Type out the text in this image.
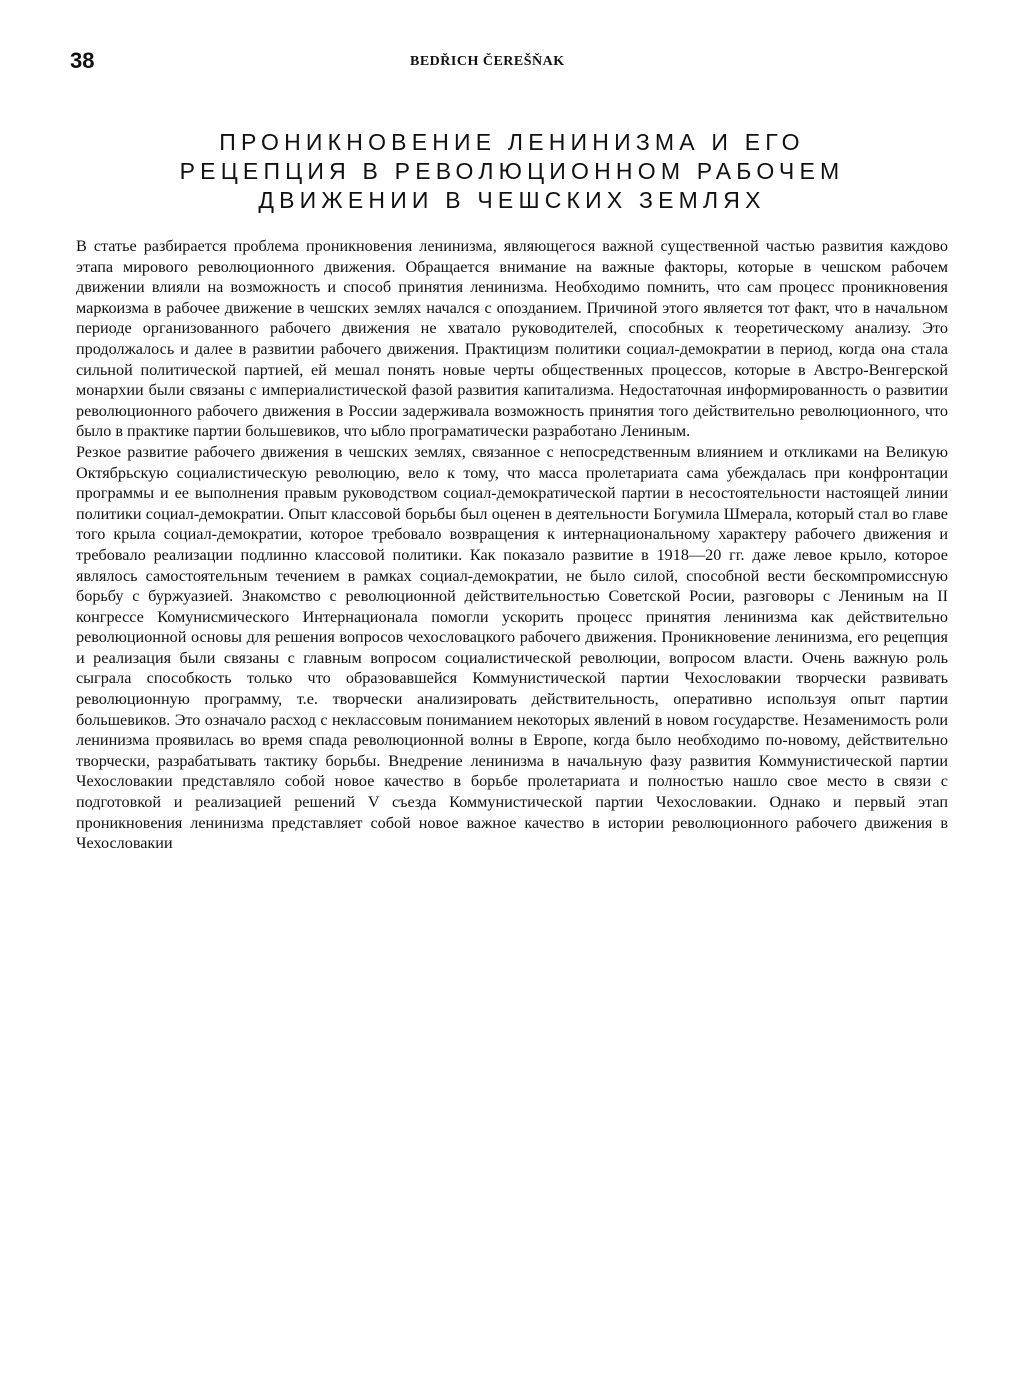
38	BEDŘICH ČEREŠŇAK
ПРОНИКНОВЕНИЕ ЛЕНИНИЗМА И ЕГО
РЕЦЕПЦИЯ В РЕВОЛЮЦИОННОМ РАБОЧЕМ
ДВИЖЕНИИ В ЧЕШСКИХ ЗЕМЛЯХ

В статье разбирается проблема проникновения ленинизма, являющегося важной существенной частью развития каждово этапа мирового революционного движения. Обращается внимание на важные факторы, которые в чешском рабочем движении влияли на возможность и способ принятия ленинизма. Необходимо помнить, что сам процесс проникновения маркоизма в рабочее движение в чешских землях начался с опозданием. Причиной этого является тот факт, что в начальном периоде организованного рабочего движения не хватало руководителей, способных к теоретическому анализу. Это продолжалось и далее в развитии рабочего движения. Практицизм политики социал-демократии в период, когда она стала сильной политической партией, ей мешал понять новые черты общественных процессов, которые в Австро-Венгерской монархии были связаны с империалистической фазой развития капитализма. Недостаточная информированность о развитии революционного рабочего движения в России задерживала возможность принятия того действительно революционного, что было в практике партии большевиков, что ыбло програматически разработано Лениным.

Резкое развитие рабочего движения в чешских землях, связанное с непосредственным влиянием и откликами на Великую Октябрьскую социалистическую революцию, вело к тому, что масса пролетариата сама убеждалась при конфронтации программы и ее выполнения правым руководством социал-демократической партии в несостоятельности настоящей линии политики социал-демократии. Опыт классовой борьбы был оценен в деятельности Богумила Шмерала, который стал во главе того крыла социал-демократии, которое требовало возвращения к интернациональному характеру рабочего движения и требовало реализации подлинно классовой политики. Как показало развитие в 1918—20 гг. даже левое крыло, которое являлось самостоятельным течением в рамках социал-демократии, не было силой, способной вести бескомпромиссную борьбу с буржуазией. Знакомство с революционной действительностью Советской Росии, разговоры с Лениным на II конгрессе Комунисмического Интернационала помогли ускорить процесс принятия ленинизма как действительно революционной основы для решения вопросов чехословацкого рабочего движения. Проникновение ленинизма, его рецепция и реализация были связаны с главным вопросом социалистической революции, вопросом власти. Очень важную роль сыграла способкость только что образовавшейся Коммунистической партии Чехословакии творчески развивать революционную программу, т.е. творчески анализировать действительность, оперативно используя опыт партии большевиков. Это означало расход с неклассовым пониманием некоторых явлений в новом государстве. Незаменимость роли ленинизма проявилась во время спада революционной волны в Европе, когда было необходимо по-новому, действительно творчески, разрабатывать тактику борьбы. Внедрение ленинизма в начальную фазу развития Коммунистической партии Чехословакии представляло собой новое качество в борьбе пролетариата и полностью нашло свое место в связи с подготовкой и реализацией решений V съезда Коммунистической партии Чехословакии. Однако и первый этап проникновения ленинизма представляет собой новое важное качество в истории революционного рабочего движения в Чехословакии
